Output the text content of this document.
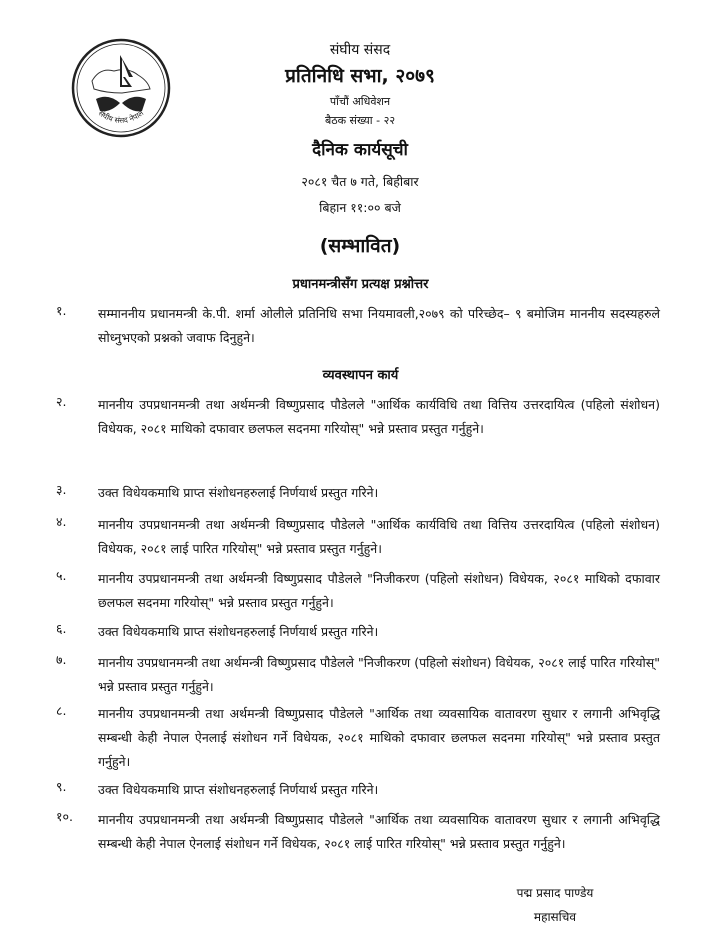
संघीय संसद नेपाल
संघीय संसद
प्रतिनिधि सभा, २०७९
पाँचौं अधिवेशन
बैठक संख्या - २२
दैनिक कार्यसूची
२०८१ चैत ७ गते, बिहीबार
बिहान ११:०० बजे
(सम्भावित)
प्रधानमन्त्रीसँग प्रत्यक्ष प्रश्नोत्तर
१.	सम्माननीय प्रधानमन्त्री के.पी. शर्मा ओलीले प्रतिनिधि सभा नियमावली,२०७९ को परिच्छेद– ९ बमोजिम माननीय सदस्यहरुले सोध्नुभएको प्रश्नको जवाफ दिनुहुने।
व्यवस्थापन कार्य
२.	माननीय उपप्रधानमन्त्री तथा अर्थमन्त्री विष्णुप्रसाद पौडेलले "आर्थिक कार्यविधि तथा वित्तिय उत्तरदायित्व (पहिलो संशोधन) विधेयक, २०८१ माथिको दफावार छलफल सदनमा गरियोस्" भन्ने प्रस्ताव प्रस्तुत गर्नुहुने।
३.	उक्त विधेयकमाथि प्राप्त संशोधनहरुलाई निर्णयार्थ प्रस्तुत गरिने।
४.	माननीय उपप्रधानमन्त्री तथा अर्थमन्त्री विष्णुप्रसाद पौडेलले "आर्थिक कार्यविधि तथा वित्तिय उत्तरदायित्व (पहिलो संशोधन) विधेयक, २०८१ लाई पारित गरियोस्" भन्ने प्रस्ताव प्रस्तुत गर्नुहुने।
५.	माननीय उपप्रधानमन्त्री तथा अर्थमन्त्री विष्णुप्रसाद पौडेलले "निजीकरण (पहिलो संशोधन) विधेयक, २०८१ माथिको दफावार छलफल सदनमा गरियोस्" भन्ने प्रस्ताव प्रस्तुत गर्नुहुने।
६.	उक्त विधेयकमाथि प्राप्त संशोधनहरुलाई निर्णयार्थ प्रस्तुत गरिने।
७.	माननीय उपप्रधानमन्त्री तथा अर्थमन्त्री विष्णुप्रसाद पौडेलले "निजीकरण (पहिलो संशोधन) विधेयक, २०८१ लाई पारित गरियोस्" भन्ने प्रस्ताव प्रस्तुत गर्नुहुने।
८.	माननीय उपप्रधानमन्त्री तथा अर्थमन्त्री विष्णुप्रसाद पौडेलले "आर्थिक तथा व्यवसायिक वातावरण सुधार र लगानी अभिवृद्धि सम्बन्धी केही नेपाल ऐनलाई संशोधन गर्ने विधेयक, २०८१ माथिको दफावार छलफल सदनमा गरियोस्" भन्ने प्रस्ताव प्रस्तुत गर्नुहुने।
९.	उक्त विधेयकमाथि प्राप्त संशोधनहरुलाई निर्णयार्थ प्रस्तुत गरिने।
१०. माननीय उपप्रधानमन्त्री तथा अर्थमन्त्री विष्णुप्रसाद पौडेलले "आर्थिक तथा व्यवसायिक वातावरण सुधार र लगानी अभिवृद्धि सम्बन्धी केही नेपाल ऐनलाई संशोधन गर्ने विधेयक, २०८१ लाई पारित गरियोस्" भन्ने प्रस्ताव प्रस्तुत गर्नुहुने।
पद्म प्रसाद पाण्डेय
महासचिव
